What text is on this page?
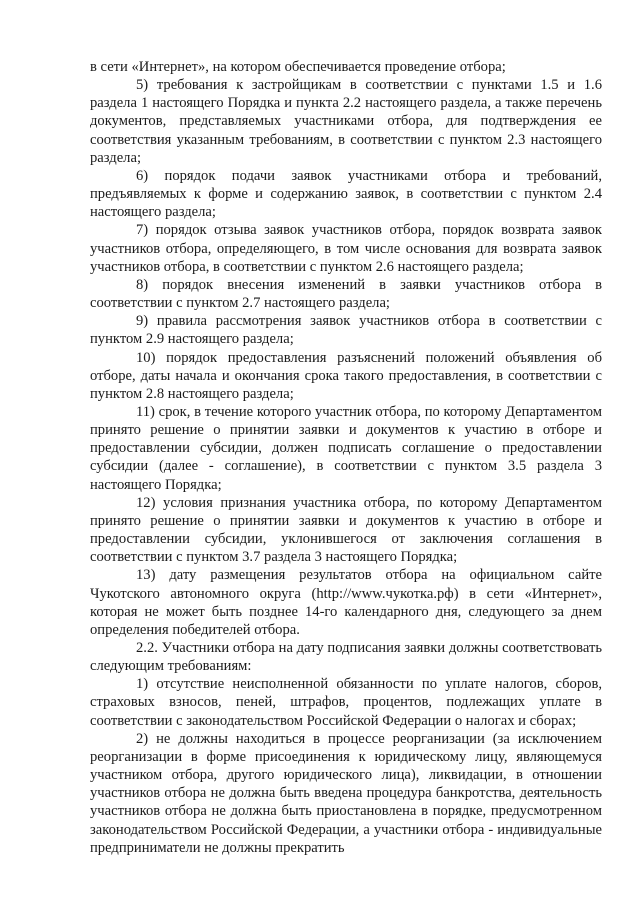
в сети «Интернет», на котором обеспечивается проведение отбора;

5) требования к застройщикам в соответствии с пунктами 1.5 и 1.6 раздела 1 настоящего Порядка и пункта 2.2 настоящего раздела, а также перечень документов, представляемых участниками отбора, для подтверждения ее соответствия указанным требованиям, в соответствии с пунктом 2.3 настоящего раздела;

6) порядок подачи заявок участниками отбора и требований, предъявляемых к форме и содержанию заявок, в соответствии с пунктом 2.4 настоящего раздела;

7) порядок отзыва заявок участников отбора, порядок возврата заявок участников отбора, определяющего, в том числе основания для возврата заявок участников отбора, в соответствии с пунктом 2.6 настоящего раздела;

8) порядок внесения изменений в заявки участников отбора в соответствии с пунктом 2.7 настоящего раздела;

9) правила рассмотрения заявок участников отбора в соответствии с пунктом 2.9 настоящего раздела;

10) порядок предоставления разъяснений положений объявления об отборе, даты начала и окончания срока такого предоставления, в соответствии с пунктом 2.8 настоящего раздела;

11) срок, в течение которого участник отбора, по которому Департаментом принято решение о принятии заявки и документов к участию в отборе и предоставлении субсидии, должен подписать соглашение о предоставлении субсидии (далее - соглашение), в соответствии с пунктом 3.5 раздела 3 настоящего Порядка;

12) условия признания участника отбора, по которому Департаментом принято решение о принятии заявки и документов к участию в отборе и предоставлении субсидии, уклонившегося от заключения соглашения в соответствии с пунктом 3.7 раздела 3 настоящего Порядка;

13) дату размещения результатов отбора на официальном сайте Чукотского автономного округа (http://www.чукотка.рф) в сети «Интернет», которая не может быть позднее 14-го календарного дня, следующего за днем определения победителей отбора.

2.2. Участники отбора на дату подписания заявки должны соответствовать следующим требованиям:

1) отсутствие неисполненной обязанности по уплате налогов, сборов, страховых взносов, пеней, штрафов, процентов, подлежащих уплате в соответствии с законодательством Российской Федерации о налогах и сборах;

2) не должны находиться в процессе реорганизации (за исключением реорганизации в форме присоединения к юридическому лицу, являющемуся участником отбора, другого юридического лица), ликвидации, в отношении участников отбора не должна быть введена процедура банкротства, деятельность участников отбора не должна быть приостановлена в порядке, предусмотренном законодательством Российской Федерации, а участники отбора - индивидуальные предприниматели не должны прекратить
